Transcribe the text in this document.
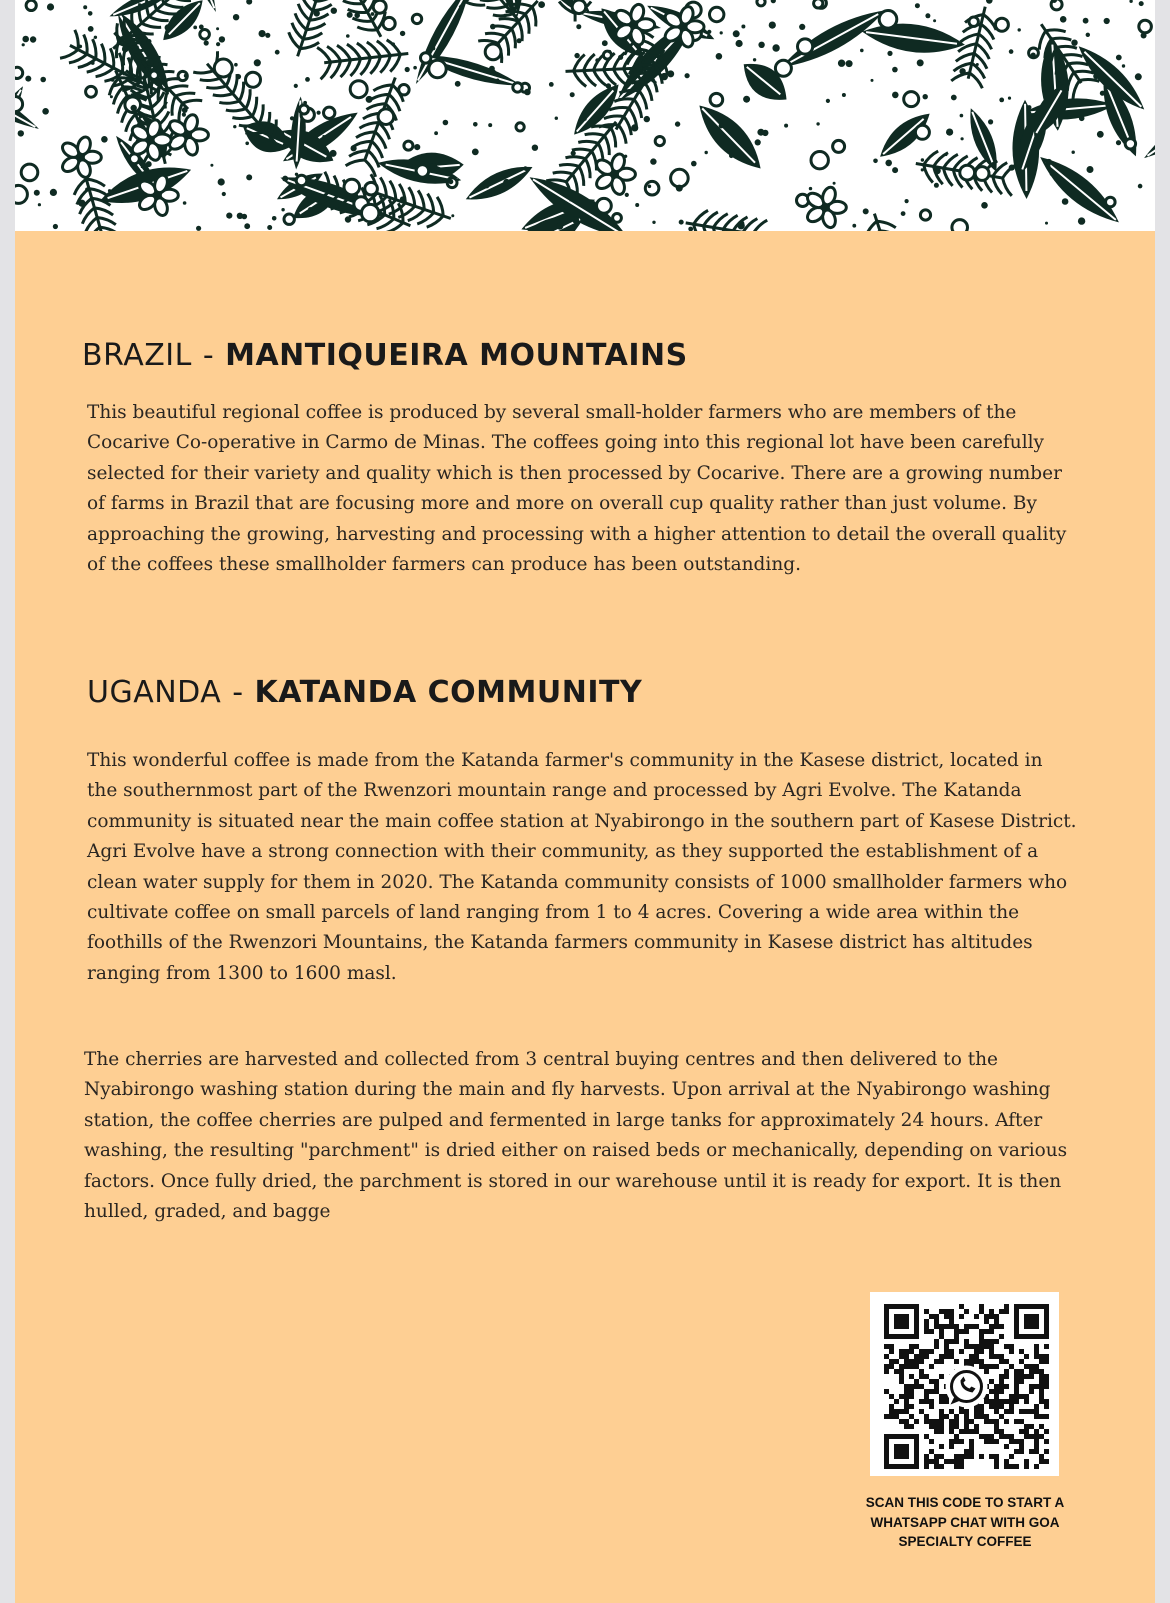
BRAZIL - MANTIQUEIRA MOUNTAINS

This beautiful regional coffee is produced by several small-holder farmers who are members of the Cocarive Co-operative in Carmo de Minas. The coffees going into this regional lot have been carefully selected for their variety and quality which is then processed by Cocarive. There are a growing number of farms in Brazil that are focusing more and more on overall cup quality rather than just volume. By approaching the growing, harvesting and processing with a higher attention to detail the overall quality of the coffees these smallholder farmers can produce has been outstanding.

UGANDA - KATANDA COMMUNITY

This wonderful coffee is made from the Katanda farmer's community in the Kasese district, located in the southernmost part of the Rwenzori mountain range and processed by Agri Evolve. The Katanda community is situated near the main coffee station at Nyabirongo in the southern part of Kasese District. Agri Evolve have a strong connection with their community, as they supported the establishment of a clean water supply for them in 2020. The Katanda community consists of 1000 smallholder farmers who cultivate coffee on small parcels of land ranging from 1 to 4 acres. Covering a wide area within the foothills of the Rwenzori Mountains, the Katanda farmers community in Kasese district has altitudes ranging from 1300 to 1600 masl.

The cherries are harvested and collected from 3 central buying centres and then delivered to the Nyabirongo washing station during the main and fly harvests. Upon arrival at the Nyabirongo washing station, the coffee cherries are pulped and fermented in large tanks for approximately 24 hours. After washing, the resulting "parchment" is dried either on raised beds or mechanically, depending on various factors. Once fully dried, the parchment is stored in our warehouse until it is ready for export. It is then hulled, graded, and bagge

SCAN THIS CODE TO START A WHATSAPP CHAT WITH GOA SPECIALTY COFFEE
